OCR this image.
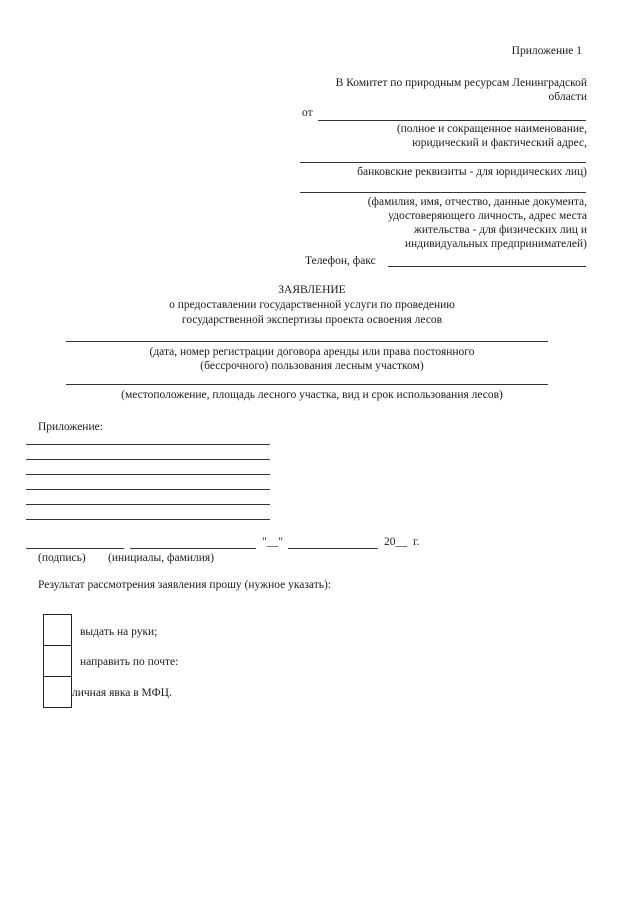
Приложение 1
В Комитет по природным ресурсам Ленинградской
области
от
(полное и сокращенное наименование,
юридический и фактический адрес,
банковские реквизиты - для юридических лиц)
(фамилия, имя, отчество, данные документа,
удостоверяющего личность, адрес места
жительства - для физических лиц и
индивидуальных предпринимателей)
Телефон, факс
ЗАЯВЛЕНИЕ
о предоставлении государственной услуги по проведению
государственной экспертизы проекта освоения лесов
(дата, номер регистрации договора аренды или права постоянного
(бессрочного) пользования лесным участком)
(местоположение, площадь лесного участка, вид и срок использования лесов)
Приложение:
"__"	20__ г.
(подпись) (инициалы, фамилия)
Результат рассмотрения заявления прошу (нужное указать):
выдать на руки;
направить по почте:
личная явка в МФЦ.
